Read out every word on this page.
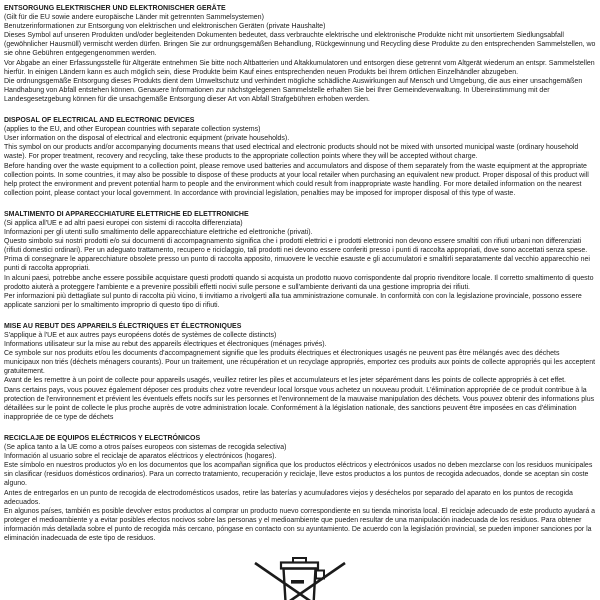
ENTSORGUNG ELEKTRISCHER UND ELEKTRONISCHER GERÄTE
(Gilt für die EU sowie andere europäische Länder mit getrennten Sammelsystemen)
Benutzerinformationen zur Entsorgung von elektrischen und elektronischen Geräten (private Haushalte)
Dieses Symbol auf unseren Produkten und/oder begleitenden Dokumenten bedeutet, dass verbrauchte elektrische und elektronische Produkte nicht mit unsortiertem Siedlungsabfall (gewöhnlicher Hausmüll) vermischt werden dürfen. Bringen Sie zur ordnungsgemäßen Behandlung, Rückgewinnung und Recycling diese Produkte zu den entsprechenden Sammelstellen, wo sie ohne Gebühren entgegengenommen werden.
Vor Abgabe an einer Erfassungsstelle für Altgeräte entnehmen Sie bitte noch Altbatterien und Altakkumulatoren und entsorgen diese getrennt vom Altgerät wiederum an entspr. Sammelstellen hierfür. In einigen Ländern kann es auch möglich sein, diese Produkte beim Kauf eines entsprechenden neuen Produkts bei Ihrem örtlichen Einzelhändler abzugeben.
Die ordnungsgemäße Entsorgung dieses Produkts dient dem Umweltschutz und verhindert mögliche schädliche Auswirkungen auf Mensch und Umgebung, die aus einer unsachgemäßen Handhabung von Abfall entstehen können. Genauere Informationen zur nächstgelegenen Sammelstelle erhalten Sie bei Ihrer Gemeindeverwaltung. In Übereinstimmung mit der Landesgesetzgebung können für die unsachgemäße Entsorgung dieser Art von Abfall Strafgebühren erhoben werden.
DISPOSAL OF ELECTRICAL AND ELECTRONIC DEVICES
(applies to the EU, and other European countries with separate collection systems)
User information on the disposal of electrical and electronic equipment (private households).
This symbol on our products and/or accompanying documents means that used electrical and electronic products should not be mixed with unsorted municipal waste (ordinary household waste). For proper treatment, recovery and recycling, take these products to the appropriate collection points where they will be accepted without charge.
Before handing over the waste equipment to a collection point, please remove used batteries and accumulators and dispose of them separately from the waste equipment at the appropriate collection points. In some countries, it may also be possible to dispose of these products at your local retailer when purchasing an equivalent new product. Proper disposal of this product will help protect the environment and prevent potential harm to people and the environment which could result from inappropriate waste handling. For more detailed information on the nearest collection point, please contact your local government. In accordance with provincial legislation, penalties may be imposed for improper disposal of this type of waste.
SMALTIMENTO DI APPARECCHIATURE ELETTRICHE ED ELETTRONICHE
(Si applica all'UE e ad altri paesi europei con sistemi di raccolta differenziata)
Informazioni per gli utenti sullo smaltimento delle apparecchiature elettriche ed elettroniche (privati).
Questo simbolo sui nostri prodotti e/o sui documenti di accompagnamento significa che i prodotti elettrici e i prodotti elettronici non devono essere smaltiti con rifiuti urbani non differenziati (rifiuti domestici ordinari). Per un adeguato trattamento, recupero e riciclaggio, tali prodotti nei devono essere conferiti presso i punti di raccolta appropriati, dove sono accettati senza spese.
Prima di consegnare le apparecchiature obsolete presso un punto di raccolta apposito, rimuovere le vecchie esauste e gli accumulatori e smaltirli separatamente dal vecchio apparecchio nei punti di raccolta appropriati.
In alcuni paesi, potrebbe anche essere possibile acquistare questi prodotti quando si acquista un prodotto nuovo corrispondente dal proprio rivenditore locale. Il corretto smaltimento di questo prodotto aiuterà a proteggere l'ambiente e a prevenire possibili effetti nocivi sulle persone e sull'ambiente derivanti da una gestione impropria dei rifiuti.
Per informazioni più dettagliate sul punto di raccolta più vicino, ti invitiamo a rivolgerti alla tua amministrazione comunale. In conformità con con la legislazione provinciale, possono essere applicate sanzioni per lo smaltimento improprio di questo tipo di rifiuti.
MISE AU REBUT DES APPAREILS ÉLECTRIQUES ET ÉLECTRONIQUES
S'applique à l'UE et aux autres pays européens dotés de systèmes de collecte distincts)
Informations utilisateur sur la mise au rebut des appareils électriques et électroniques (ménages privés).
Ce symbole sur nos produits et/ou les documents d'accompagnement signifie que les produits électriques et électroniques usagés ne peuvent pas être mélangés avec des déchets municipaux non triés (déchets ménagers courants). Pour un traitement, une récupération et un recyclage appropriés, emportez ces produits aux points de collecte appropriés qui les acceptent gratuitement.
Avant de les remettre à un point de collecte pour appareils usagés, veuillez retirer les piles et accumulateurs et les jeter séparément dans les points de collecte appropriés à cet effet.
Dans certains pays, vous pouvez également déposer ces produits chez votre revendeur local lorsque vous achetez un nouveau produit. L'élimination appropriée de ce produit contribue à la protection de l'environnement et prévient les éventuels effets nocifs sur les personnes et l'environnement de la mauvaise manipulation des déchets. Vous pouvez obtenir des informations plus détaillées sur le point de collecte le plus proche auprès de votre administration locale. Conformément à la législation nationale, des sanctions peuvent être imposées en cas d'élimination inappropriée de ce type de déchets
RECICLAJE DE EQUIPOS ELÉCTRICOS Y ELECTRÓNICOS
(Se aplica tanto a la UE como a otros países europeos con sistemas de recogida selectiva)
Información al usuario sobre el reciclaje de aparatos eléctricos y electrónicos (hogares).
Este símbolo en nuestros productos y/o en los documentos que los acompañan significa que los productos eléctricos y electrónicos usados no deben mezclarse con los residuos municipales sin clasificar (residuos domésticos ordinarios). Para un correcto tratamiento, recuperación y reciclaje, lleve estos productos a los puntos de recogida adecuados, donde se aceptan sin coste alguno.
Antes de entregarlos en un punto de recogida de electrodomésticos usados, retire las baterías y acumuladores viejos y deséchelos por separado del aparato en los puntos de recogida adecuados.
En algunos países, también es posible devolver estos productos al comprar un producto nuevo correspondiente en su tienda minorista local. El reciclaje adecuado de este producto ayudará a proteger el medioambiente y a evitar posibles efectos nocivos sobre las personas y el medioambiente que pueden resultar de una manipulación inadecuada de los residuos. Para obtener información más detallada sobre el punto de recogida más cercano, póngase en contacto con su ayuntamiento. De acuerdo con la legislación provincial, se pueden imponer sanciones por la eliminación inadecuada de este tipo de residuos.
